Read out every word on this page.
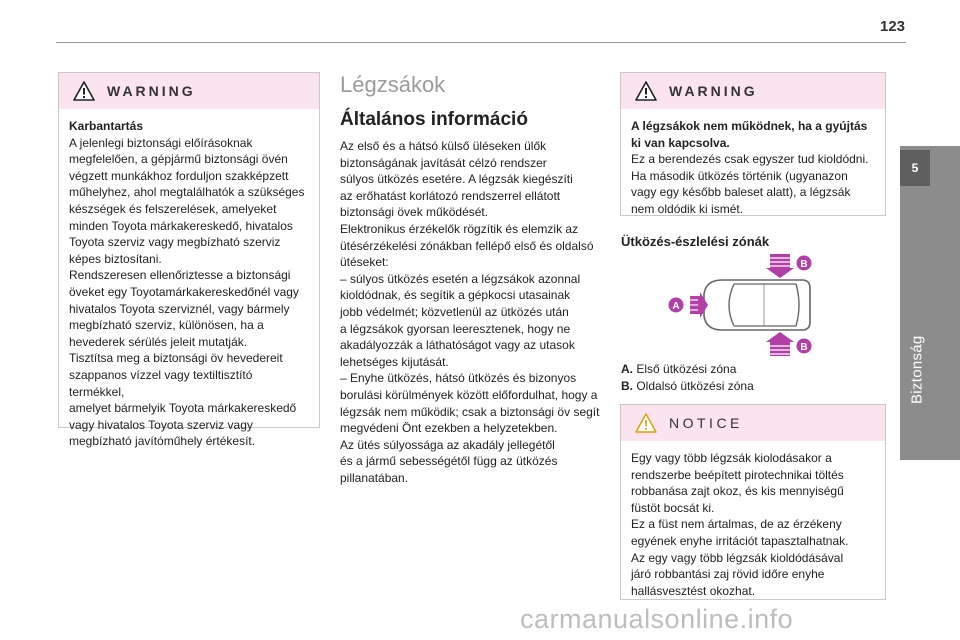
123
5
Biztonság
WARNING
Karbantartás
A jelenlegi biztonsági előírásoknak
megfelelően, a gépjármű biztonsági övén
végzett munkákhoz forduljon szakképzett
műhelyhez, ahol megtalálhatók a szükséges
készségek és felszerelések, amelyeket
minden Toyota márkakereskedő, hivatalos
Toyota szerviz vagy megbízható szerviz
képes biztosítani.
Rendszeresen ellenőriztesse a biztonsági
öveket egy Toyotamárkakereskedőnél vagy
hivatalos Toyota szerviznél, vagy bármely
megbízható szerviz, különösen, ha a
hevederek sérülés jeleit mutatják.
Tisztítsa meg a biztonsági öv hevedereit
szappanos vízzel vagy textiltisztító termékkel,
amelyet bármelyik Toyota márkakereskedő
vagy hivatalos Toyota szerviz vagy
megbízható javítóműhely értékesít.
Légzsákok
Általános információ
Az első és a hátsó külső üléseken ülők
biztonságának javítását célzó rendszer
súlyos ütközés esetére. A légzsák kiegészíti
az erőhatást korlátozó rendszerrel ellátott
biztonsági övek működését.
Elektronikus érzékelők rögzítik és elemzik az
ütésérzékelési zónákban fellépő első és oldalsó
ütéseket:
– súlyos ütközés esetén a légzsákok azonnal
kioldódnak, és segítik a gépkocsi utasainak
jobb védelmét; közvetlenül az ütközés után
a légzsákok gyorsan leeresztenek, hogy ne
akadályozzák a láthatóságot vagy az utasok
lehetséges kijutását.
– Enyhe ütközés, hátsó ütközés és bizonyos
borulási körülmények között előfordulhat, hogy a
légzsák nem működik; csak a biztonsági öv segít
megvédeni Önt ezekben a helyzetekben.
Az ütés súlyossága az akadály jellegétől
és a jármű sebességétől függ az ütközés
pillanatában.
WARNING
A légzsákok nem működnek, ha a gyújtás
ki van kapcsolva.
Ez a berendezés csak egyszer tud kioldódni.
Ha második ütközés történik (ugyanazon
vagy egy később baleset alatt), a légzsák
nem oldódik ki ismét.
Ütközés-észlelési zónák
A
B
B
A. Első ütközési zóna
B. Oldalsó ütközési zóna
NOTICE
Egy vagy több légzsák kiolodásakor a
rendszerbe beépített pirotechnikai töltés
robbanása zajt okoz, és kis mennyiségű
füstöt bocsát ki.
Ez a füst nem ártalmas, de az érzékeny
egyének enyhe irritációt tapasztalhatnak.
Az egy vagy több légzsák kioldódásával
járó robbantási zaj rövid időre enyhe
hallásvesztést okozhat.
carmanualsonline.info
